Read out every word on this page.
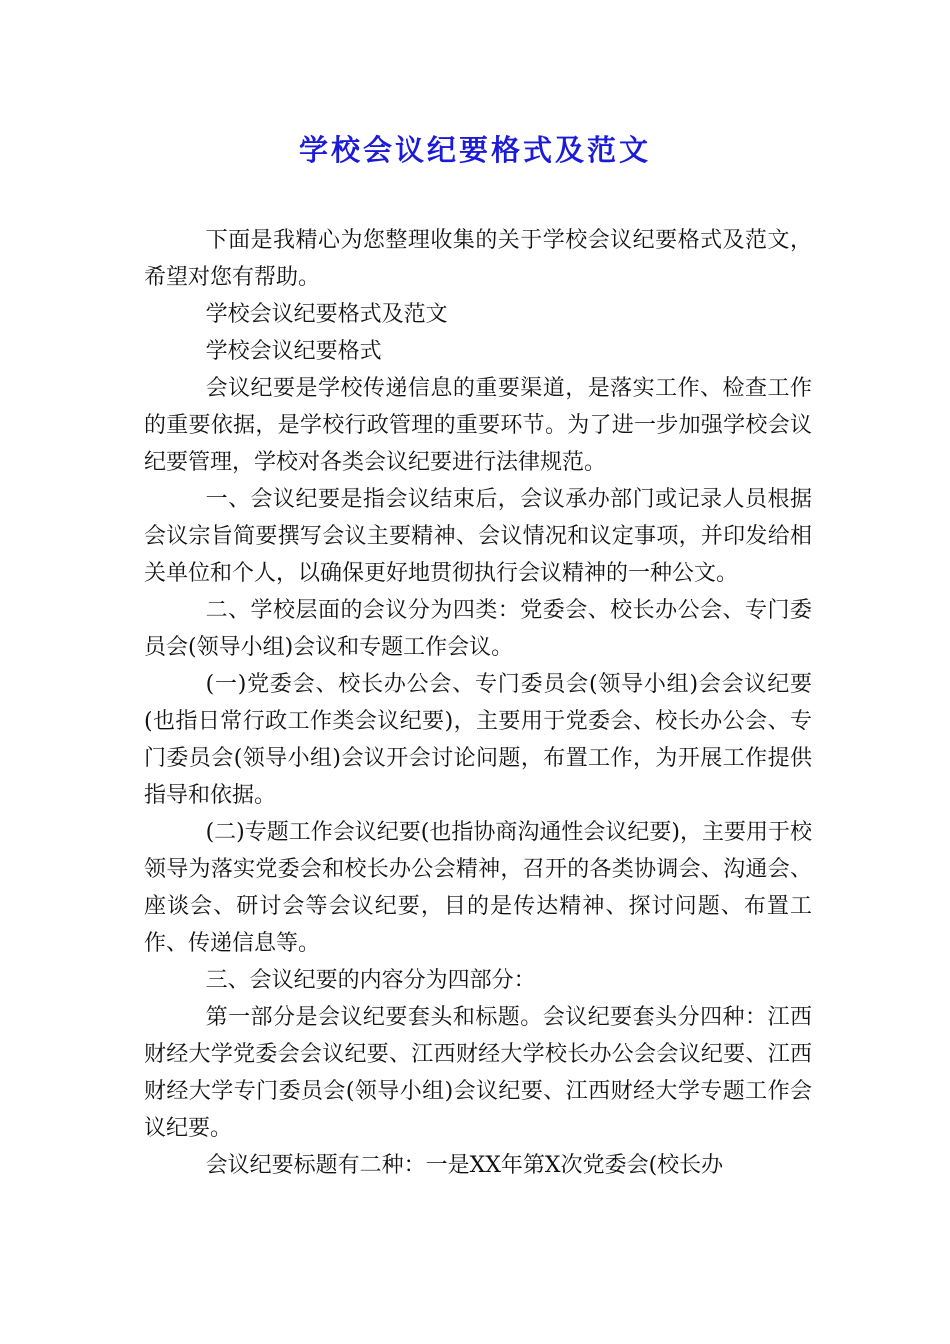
学校会议纪要格式及范文

下面是我精心为您整理收集的关于学校会议纪要格式及范文，希望对您有帮助。

学校会议纪要格式及范文

学校会议纪要格式

会议纪要是学校传递信息的重要渠道，是落实工作、检查工作的重要依据，是学校行政管理的重要环节。为了进一步加强学校会议纪要管理，学校对各类会议纪要进行法律规范。

一、会议纪要是指会议结束后，会议承办部门或记录人员根据会议宗旨简要撰写会议主要精神、会议情况和议定事项，并印发给相关单位和个人，以确保更好地贯彻执行会议精神的一种公文。

二、学校层面的会议分为四类：党委会、校长办公会、专门委员会(领导小组)会议和专题工作会议。

(一)党委会、校长办公会、专门委员会(领导小组)会会议纪要(也指日常行政工作类会议纪要)，主要用于党委会、校长办公会、专门委员会(领导小组)会议开会讨论问题，布置工作，为开展工作提供指导和依据。

(二)专题工作会议纪要(也指协商沟通性会议纪要)，主要用于校领导为落实党委会和校长办公会精神，召开的各类协调会、沟通会、座谈会、研讨会等会议纪要，目的是传达精神、探讨问题、布置工作、传递信息等。

三、会议纪要的内容分为四部分：

第一部分是会议纪要套头和标题。会议纪要套头分四种：江西财经大学党委会会议纪要、江西财经大学校长办公会会议纪要、江西财经大学专门委员会(领导小组)会议纪要、江西财经大学专题工作会议纪要。

会议纪要标题有二种：一是XX年第X次党委会(校长办
